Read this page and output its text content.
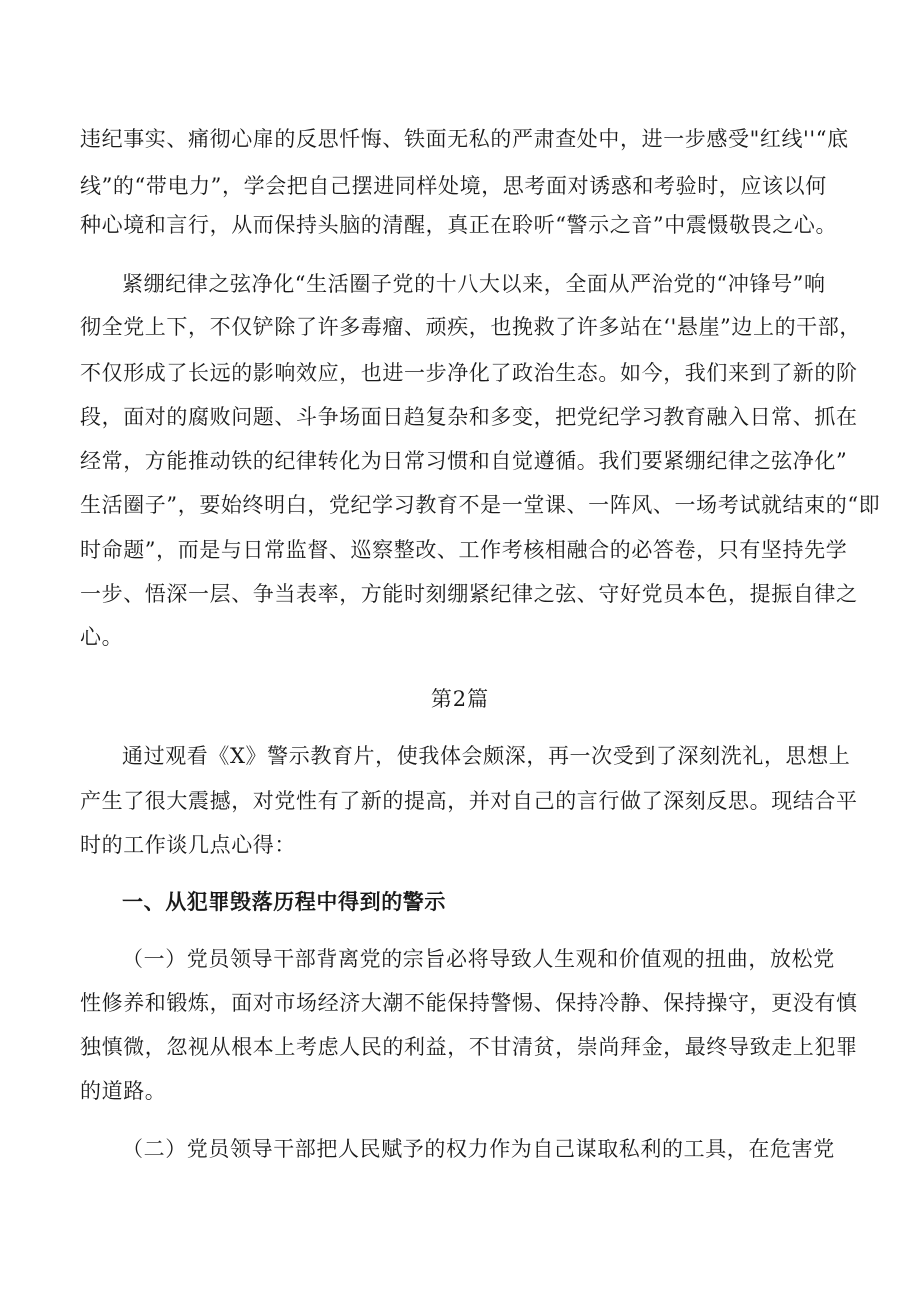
违纪事实、痛彻心扉的反思忏悔、铁面无私的严肃查处中，进一步感受"红线''“底
线”的“带电力”，学会把自己摆进同样处境，思考面对诱惑和考验时，应该以何
种心境和言行，从而保持头脑的清醒，真正在聆听“警示之音”中震慑敬畏之心。
紧绷纪律之弦净化“生活圈子党的十八大以来，全面从严治党的“冲锋号”响
彻全党上下，不仅铲除了许多毒瘤、顽疾，也挽救了许多站在‘'悬崖”边上的干部，
不仅形成了长远的影响效应，也进一步净化了政治生态。如今，我们来到了新的阶
段，面对的腐败问题、斗争场面日趋复杂和多变，把党纪学习教育融入日常、抓在
经常，方能推动铁的纪律转化为日常习惯和自觉遵循。我们要紧绷纪律之弦净化”
生活圈子”，要始终明白，党纪学习教育不是一堂课、一阵风、一场考试就结束的“即
时命题”，而是与日常监督、巡察整改、工作考核相融合的必答卷，只有坚持先学
一步、悟深一层、争当表率，方能时刻绷紧纪律之弦、守好党员本色，提振自律之
心。
第2篇
通过观看《X》警示教育片，使我体会颇深，再一次受到了深刻洗礼，思想上
产生了很大震撼，对党性有了新的提高，并对自己的言行做了深刻反思。现结合平
时的工作谈几点心得：
一、从犯罪毁落历程中得到的警示
（一）党员领导干部背离党的宗旨必将导致人生观和价值观的扭曲，放松党
性修养和锻炼，面对市场经济大潮不能保持警惕、保持冷静、保持操守，更没有慎
独慎微，忽视从根本上考虑人民的利益，不甘清贫，崇尚拜金，最终导致走上犯罪
的道路。
（二）党员领导干部把人民赋予的权力作为自己谋取私利的工具，在危害党
